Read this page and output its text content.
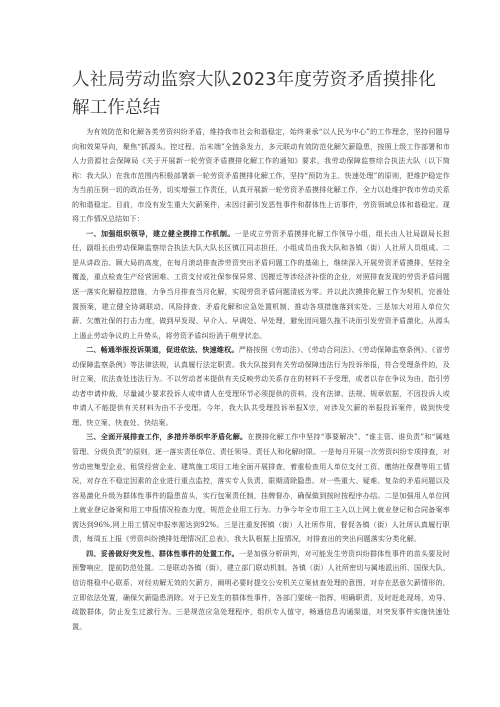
人社局劳动监察大队2023年度劳资矛盾摸排化解工作总结

为有效防范和化解各类劳资纠纷矛盾，维持我市社会和谐稳定，始终秉承“以人民为中心”的工作理念，坚持问题导向和效果导向，聚焦“抓源头、控过程、治末端”全链条发力，多元联动有效防范化解欠薪隐患，按照上级工作部署和市人力资源社会保障局《关于开展新一轮劳资矛盾摸排化解工作的通知》要求，我劳动保障监察综合执法大队（以下简称：我大队）在我市范围内积极部署新一轮劳资矛盾摸排化解工作，坚持“预防为主、快速处理”的原则，把维护稳定作为当前压倒一切的政治任务，切实增强工作责任，认真开展新一轮劳资矛盾摸排化解工作，全力以赴维护我市劳动关系的和谐稳定。目前，市没有发生重大欠薪案件，未因讨薪引发恶性事件和群体性上访事件，劳资领域总体和谐稳定。现将工作情况总结如下：

一、加强组织领导，建立健全摸排工作机制。一是成立劳资矛盾摸排化解工作领导小组，组长由人社局副局长担任，副组长由劳动保障监察综合执法大队大队长区镇江同志担任，小组成员由我大队和各镇（街）人社所人员组成。二是从讲政治、顾大局的高度，在每月滚动排查涉劳资突出矛盾问题工作的基础上，继续深入开展劳资矛盾摸排，坚持全覆盖，重点检查生产经营困难、工资支付或社保参保异常、因搬迁等涉经济补偿的企业，对照排查发现的劳资矛盾问题逐一落实化解稳控措施，力争当月排查当月化解，实现劳资矛盾问题清底为零。并以此次摸排化解工作为契机，完善处置预案，建立健全协调联动、风险排查、矛盾化解和应急处置机制，推动各项措施落到实处。三是加大对用人单位欠薪、欠缴社保的打击力度，做到早发现、早介入、早调处、早处理，避免因问题久拖不决而引发劳资矛盾激化，从源头上遏止劳动争议的上升势头，将劳资矛盾纠纷消于萌芽状态。

二、畅通举报投诉渠道，促进依法、快速维权。严格按照《劳动法》、《劳动合同法》、《劳动保障监察条例》、《省劳动保障监察条例》等法律法规，认真履行法定职责。我大队接到有关劳动保障违法行为投诉举报，符合受理条件的，及时立案，依法查处违法行为。不以劳动者未提供有关反映劳动关系存在的材料不予受理，或者以存在争议为由，指引劳动者申请仲裁，尽量减少要求投诉人或申请人在受理环节必须提供的资料，没有法律、法规、规章依据，不因投诉人或申请人不能提供有关材料为由不予受理。今年，我大队共受理投诉举报X宗，对涉及欠薪的举报投诉案件，做到快受理、快立案、快查处、快结案。

三、全面开展排查工作，多措并举织牢矛盾化解。在摸排化解工作中坚持“事要解决”、“谁主管、谁负责”和“属地管理、分级负责”的原则，逐一落实责任单位、责任领导、责任人和化解时限。一是每月开展一次劳资纠纷专项排查，对劳动密集型企业、租赁经营企业、建筑施工项目工地全面开展排查，着重检查用人单位支付工资、缴纳社保费等用工情况，对存在不稳定因素的企业进行重点监控，落实专人负责，限期清除隐患。对一些重大、疑难、复杂的矛盾问题以及容易激化升级为群体性事件的隐患苗头，实行包案责任制，挂牌督办，确保做到按时按程序办结。二是加强用人单位网上就业登记备案和用工申报情况检查力度，规范企业用工行为。力争今年全市用工主入以上网上就业登记和合同备案率需达到96%,网上用工情况申报率需达到92%。三是注重发挥镇（街）人社所作用，督促各镇（街）人社所认真履行职责，每周五上报《劳资纠纷摸排处理情况汇总表》，我大队根据上报情况，对排查出的突出问题落实分类化解。

四、妥善做好突发性、群体性事件的处置工作。一是加强分析研判，对可能发生劳资纠纷群体性事件的苗头要及时预警响应，提前防范处置。二是联动各镇（街），建立部门联动机制。各镇（街）人社所密切与属地派出所、国保大队、信访维稳中心联系，对经劝解无效的欠薪方，阐明必要时提交公安机关立案侦查处理的意图，对存在恶意欠薪情形的，立即依法处置，确保欠薪隐患消除。对于已发生的群体性事件，各部门要统一指挥，明确职责，及时赶赴现场，劝导、疏散群体，防止发生过激行为。三是规范应急处理程序，组织专人值守，畅通信息沟通渠道，对突发事件实施快速处置。
